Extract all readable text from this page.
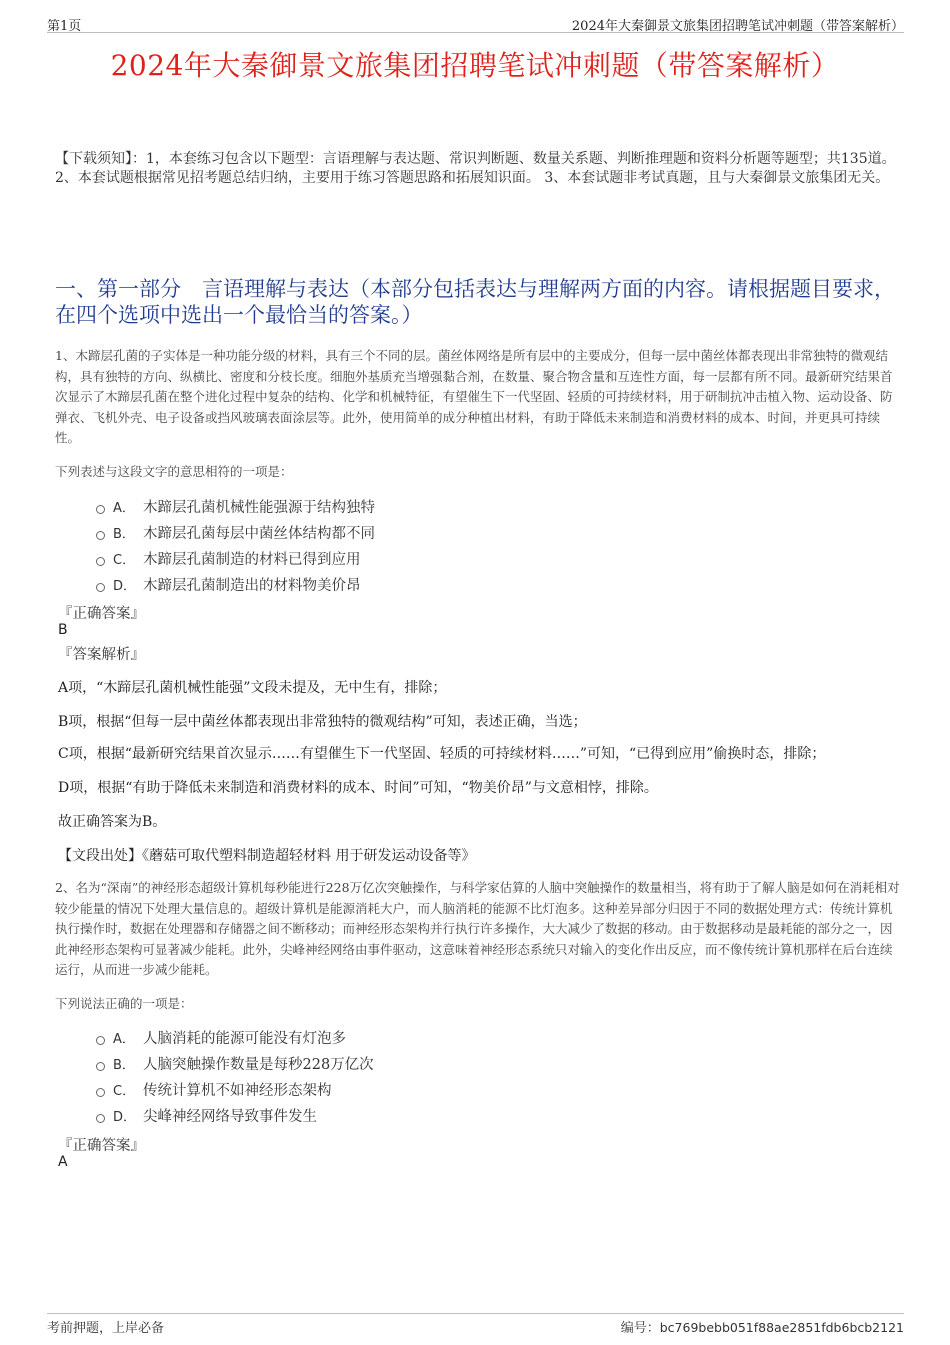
第1页	2024年大秦御景文旅集团招聘笔试冲刺题（带答案解析）
2024年大秦御景文旅集团招聘笔试冲刺题（带答案解析）
【下载须知】：1，本套练习包含以下题型：言语理解与表达题、常识判断题、数量关系题、判断推理题和资料分析题等题型；共135道。 2、本套试题根据常见招考题总结归纳，主要用于练习答题思路和拓展知识面。 3、本套试题非考试真题，且与大秦御景文旅集团无关。
一、第一部分　言语理解与表达（本部分包括表达与理解两方面的内容。请根据题目要求，在四个选项中选出一个最恰当的答案。）
1、木蹄层孔菌的子实体是一种功能分级的材料，具有三个不同的层。菌丝体网络是所有层中的主要成分，但每一层中菌丝体都表现出非常独特的微观结构，具有独特的方向、纵横比、密度和分枝长度。细胞外基质充当增强黏合剂，在数量、聚合物含量和互连性方面，每一层都有所不同。最新研究结果首次显示了木蹄层孔菌在整个进化过程中复杂的结构、化学和机械特征，有望催生下一代坚固、轻质的可持续材料，用于研制抗冲击植入物、运动设备、防弹衣、飞机外壳、电子设备或挡风玻璃表面涂层等。此外，使用简单的成分种植出材料，有助于降低未来制造和消费材料的成本、时间，并更具可持续性。
下列表述与这段文字的意思相符的一项是：
A． 木蹄层孔菌机械性能强源于结构独特
B． 木蹄层孔菌每层中菌丝体结构都不同
C． 木蹄层孔菌制造的材料已得到应用
D． 木蹄层孔菌制造出的材料物美价昂
『正确答案』
B
『答案解析』
A项，“木蹄层孔菌机械性能强”文段未提及，无中生有，排除；
B项，根据“但每一层中菌丝体都表现出非常独特的微观结构”可知，表述正确，当选；
C项，根据“最新研究结果首次显示……有望催生下一代坚固、轻质的可持续材料……”可知，“已得到应用”偷换时态，排除；
D项，根据“有助于降低未来制造和消费材料的成本、时间”可知，“物美价昂”与文意相悖，排除。
故正确答案为B。
【文段出处】《蘑菇可取代塑料制造超轻材料 用于研发运动设备等》
2、名为“深南”的神经形态超级计算机每秒能进行228万亿次突触操作，与科学家估算的人脑中突触操作的数量相当，将有助于了解人脑是如何在消耗相对较少能量的情况下处理大量信息的。超级计算机是能源消耗大户，而人脑消耗的能源不比灯泡多。这种差异部分归因于不同的数据处理方式：传统计算机执行操作时，数据在处理器和存储器之间不断移动；而神经形态架构并行执行许多操作，大大减少了数据的移动。由于数据移动是最耗能的部分之一，因此神经形态架构可显著减少能耗。此外，尖峰神经网络由事件驱动，这意味着神经形态系统只对输入的变化作出反应，而不像传统计算机那样在后台连续运行，从而进一步减少能耗。
下列说法正确的一项是：
A． 人脑消耗的能源可能没有灯泡多
B． 人脑突触操作数量是每秒228万亿次
C． 传统计算机不如神经形态架构
D． 尖峰神经网络导致事件发生
『正确答案』
A
考前押题，上岸必备	编号：bc769bebb051f88ae2851fdb6bcb2121
